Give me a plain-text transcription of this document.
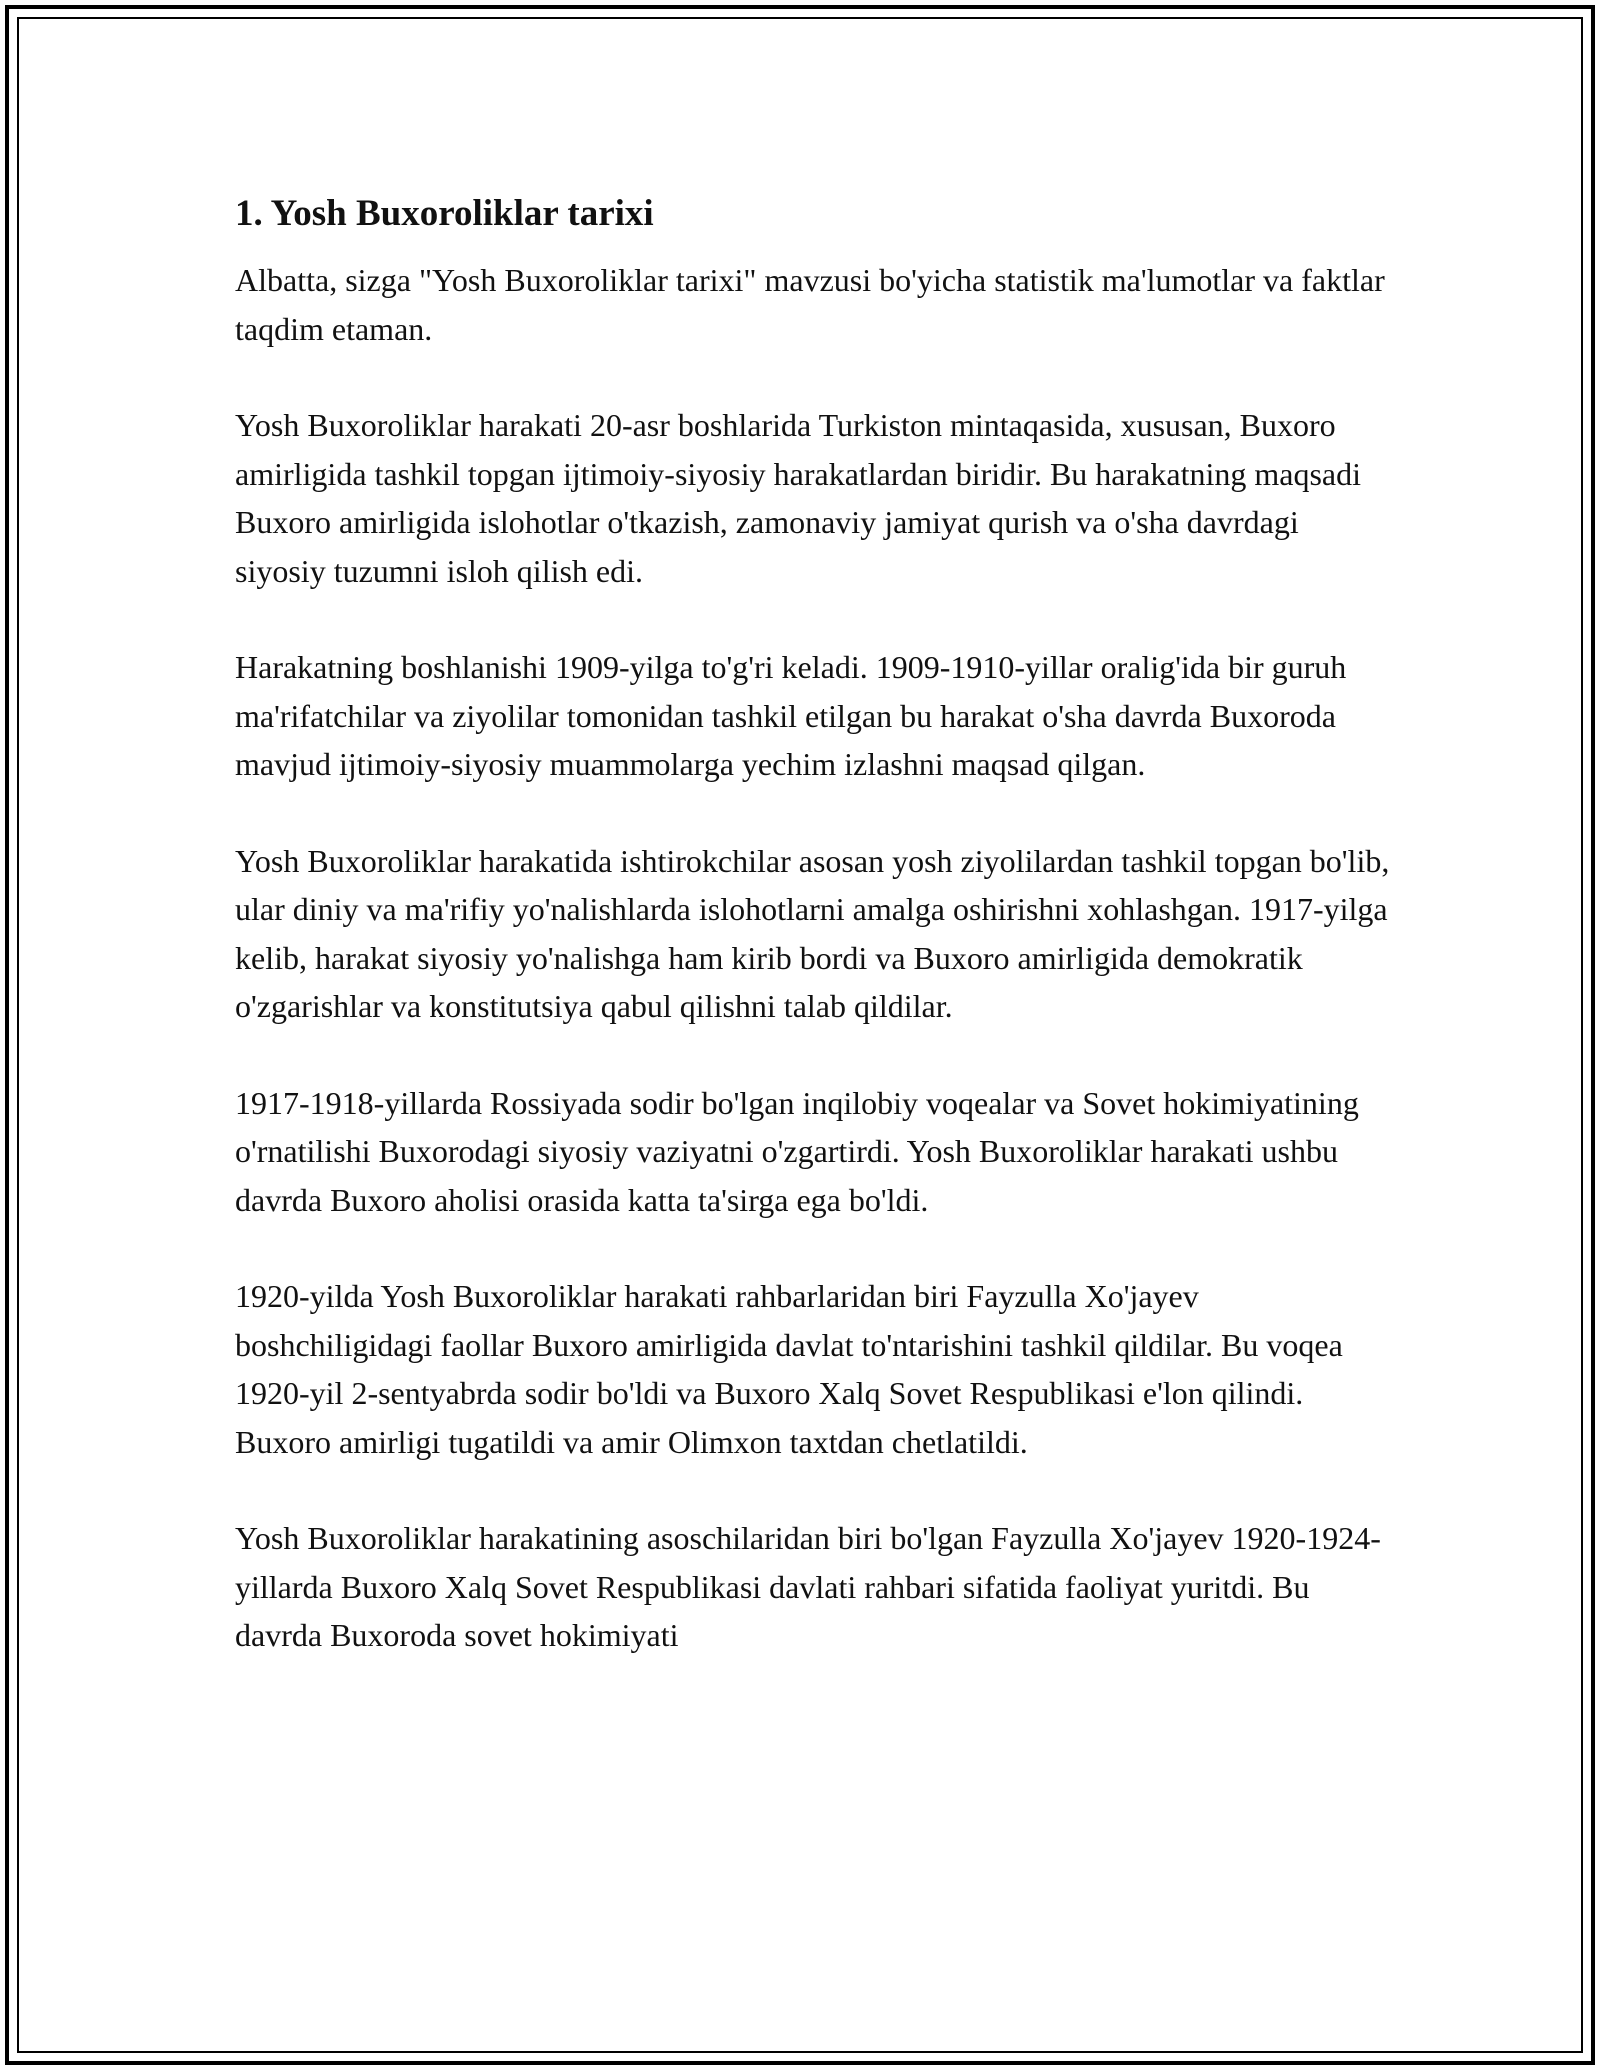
1. Yosh Buxoroliklar tarixi

Albatta, sizga "Yosh Buxoroliklar tarixi" mavzusi bo'yicha statistik ma'lumotlar va faktlar taqdim etaman.

Yosh Buxoroliklar harakati 20-asr boshlarida Turkiston mintaqasida, xususan, Buxoro amirligida tashkil topgan ijtimoiy-siyosiy harakatlardan biridir. Bu harakatning maqsadi Buxoro amirligida islohotlar o'tkazish, zamonaviy jamiyat qurish va o'sha davrdagi siyosiy tuzumni isloh qilish edi.

Harakatning boshlanishi 1909-yilga to'g'ri keladi. 1909-1910-yillar oralig'ida bir guruh ma'rifatchilar va ziyolilar tomonidan tashkil etilgan bu harakat o'sha davrda Buxoroda mavjud ijtimoiy-siyosiy muammolarga yechim izlashni maqsad qilgan.

Yosh Buxoroliklar harakatida ishtirokchilar asosan yosh ziyolilardan tashkil topgan bo'lib, ular diniy va ma'rifiy yo'nalishlarda islohotlarni amalga oshirishni xohlashgan. 1917-yilga kelib, harakat siyosiy yo'nalishga ham kirib bordi va Buxoro amirligida demokratik o'zgarishlar va konstitutsiya qabul qilishni talab qildilar.

1917-1918-yillarda Rossiyada sodir bo'lgan inqilobiy voqealar va Sovet hokimiyatining o'rnatilishi Buxorodagi siyosiy vaziyatni o'zgartirdi. Yosh Buxoroliklar harakati ushbu davrda Buxoro aholisi orasida katta ta'sirga ega bo'ldi.

1920-yilda Yosh Buxoroliklar harakati rahbarlaridan biri Fayzulla Xo'jayev boshchiligidagi faollar Buxoro amirligida davlat to'ntarishini tashkil qildilar. Bu voqea 1920-yil 2-sentyabrda sodir bo'ldi va Buxoro Xalq Sovet Respublikasi e'lon qilindi. Buxoro amirligi tugatildi va amir Olimxon taxtdan chetlatildi.

Yosh Buxoroliklar harakatining asoschilaridan biri bo'lgan Fayzulla Xo'jayev 1920-1924-yillarda Buxoro Xalq Sovet Respublikasi davlati rahbari sifatida faoliyat yuritdi. Bu davrda Buxoroda sovet hokimiyati
